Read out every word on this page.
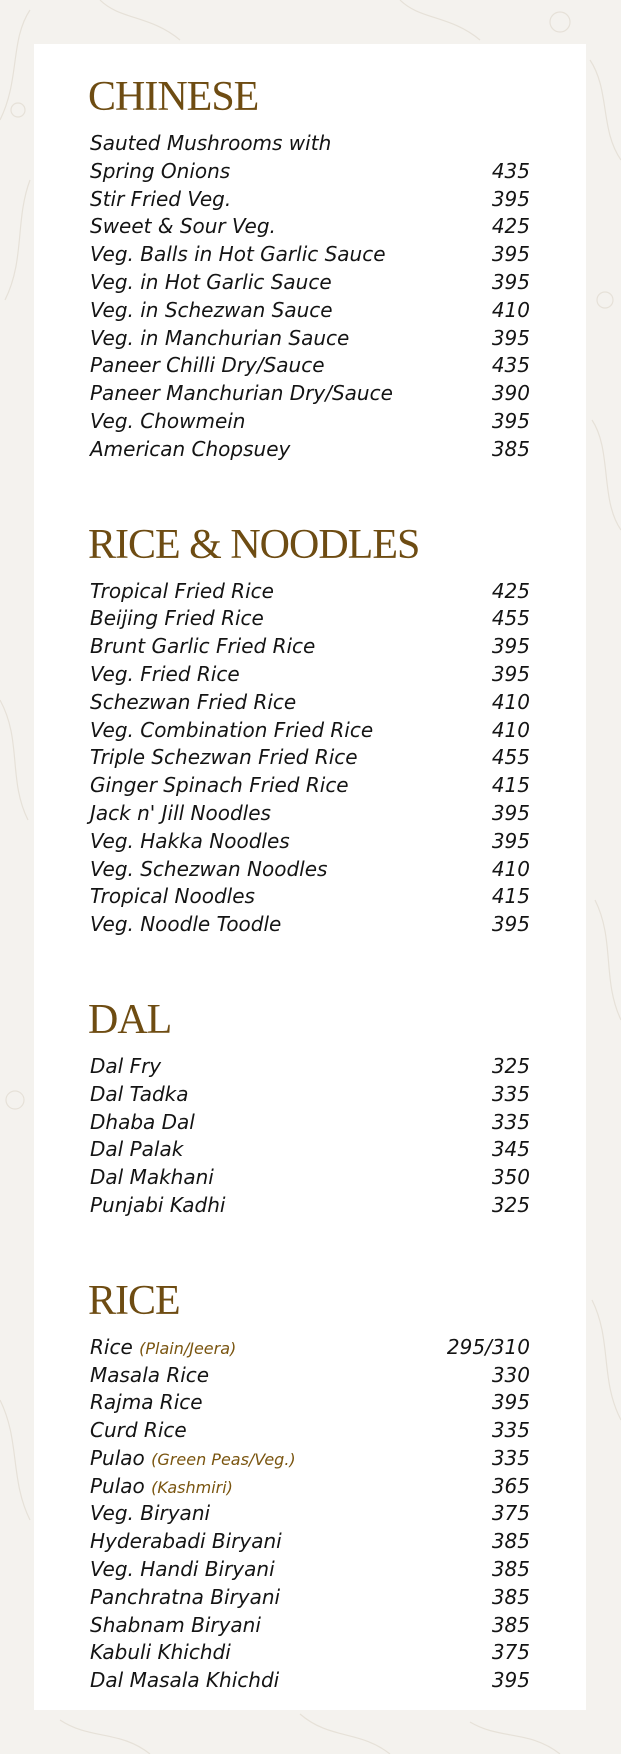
CHINESE
Sauted Mushrooms with
Spring Onions	435
Stir Fried Veg.	395
Sweet & Sour Veg.	425
Veg. Balls in Hot Garlic Sauce	395
Veg. in Hot Garlic Sauce	395
Veg. in Schezwan Sauce	410
Veg. in Manchurian Sauce	395
Paneer Chilli Dry/Sauce	435
Paneer Manchurian Dry/Sauce	390
Veg. Chowmein	395
American Chopsuey	385
RICE & NOODLES
Tropical Fried Rice	425
Beijing Fried Rice	455
Brunt Garlic Fried Rice	395
Veg. Fried Rice	395
Schezwan Fried Rice	410
Veg. Combination Fried Rice	410
Triple Schezwan Fried Rice	455
Ginger Spinach Fried Rice	415
Jack n' Jill Noodles	395
Veg. Hakka Noodles	395
Veg. Schezwan Noodles	410
Tropical Noodles	415
Veg. Noodle Toodle	395
DAL
Dal Fry	325
Dal Tadka	335
Dhaba Dal	335
Dal Palak	345
Dal Makhani	350
Punjabi Kadhi	325
RICE
Rice (Plain/Jeera)	295/310
Masala Rice	330
Rajma Rice	395
Curd Rice	335
Pulao (Green Peas/Veg.)	335
Pulao (Kashmiri)	365
Veg. Biryani	375
Hyderabadi Biryani	385
Veg. Handi Biryani	385
Panchratna Biryani	385
Shabnam Biryani	385
Kabuli Khichdi	375
Dal Masala Khichdi	395
